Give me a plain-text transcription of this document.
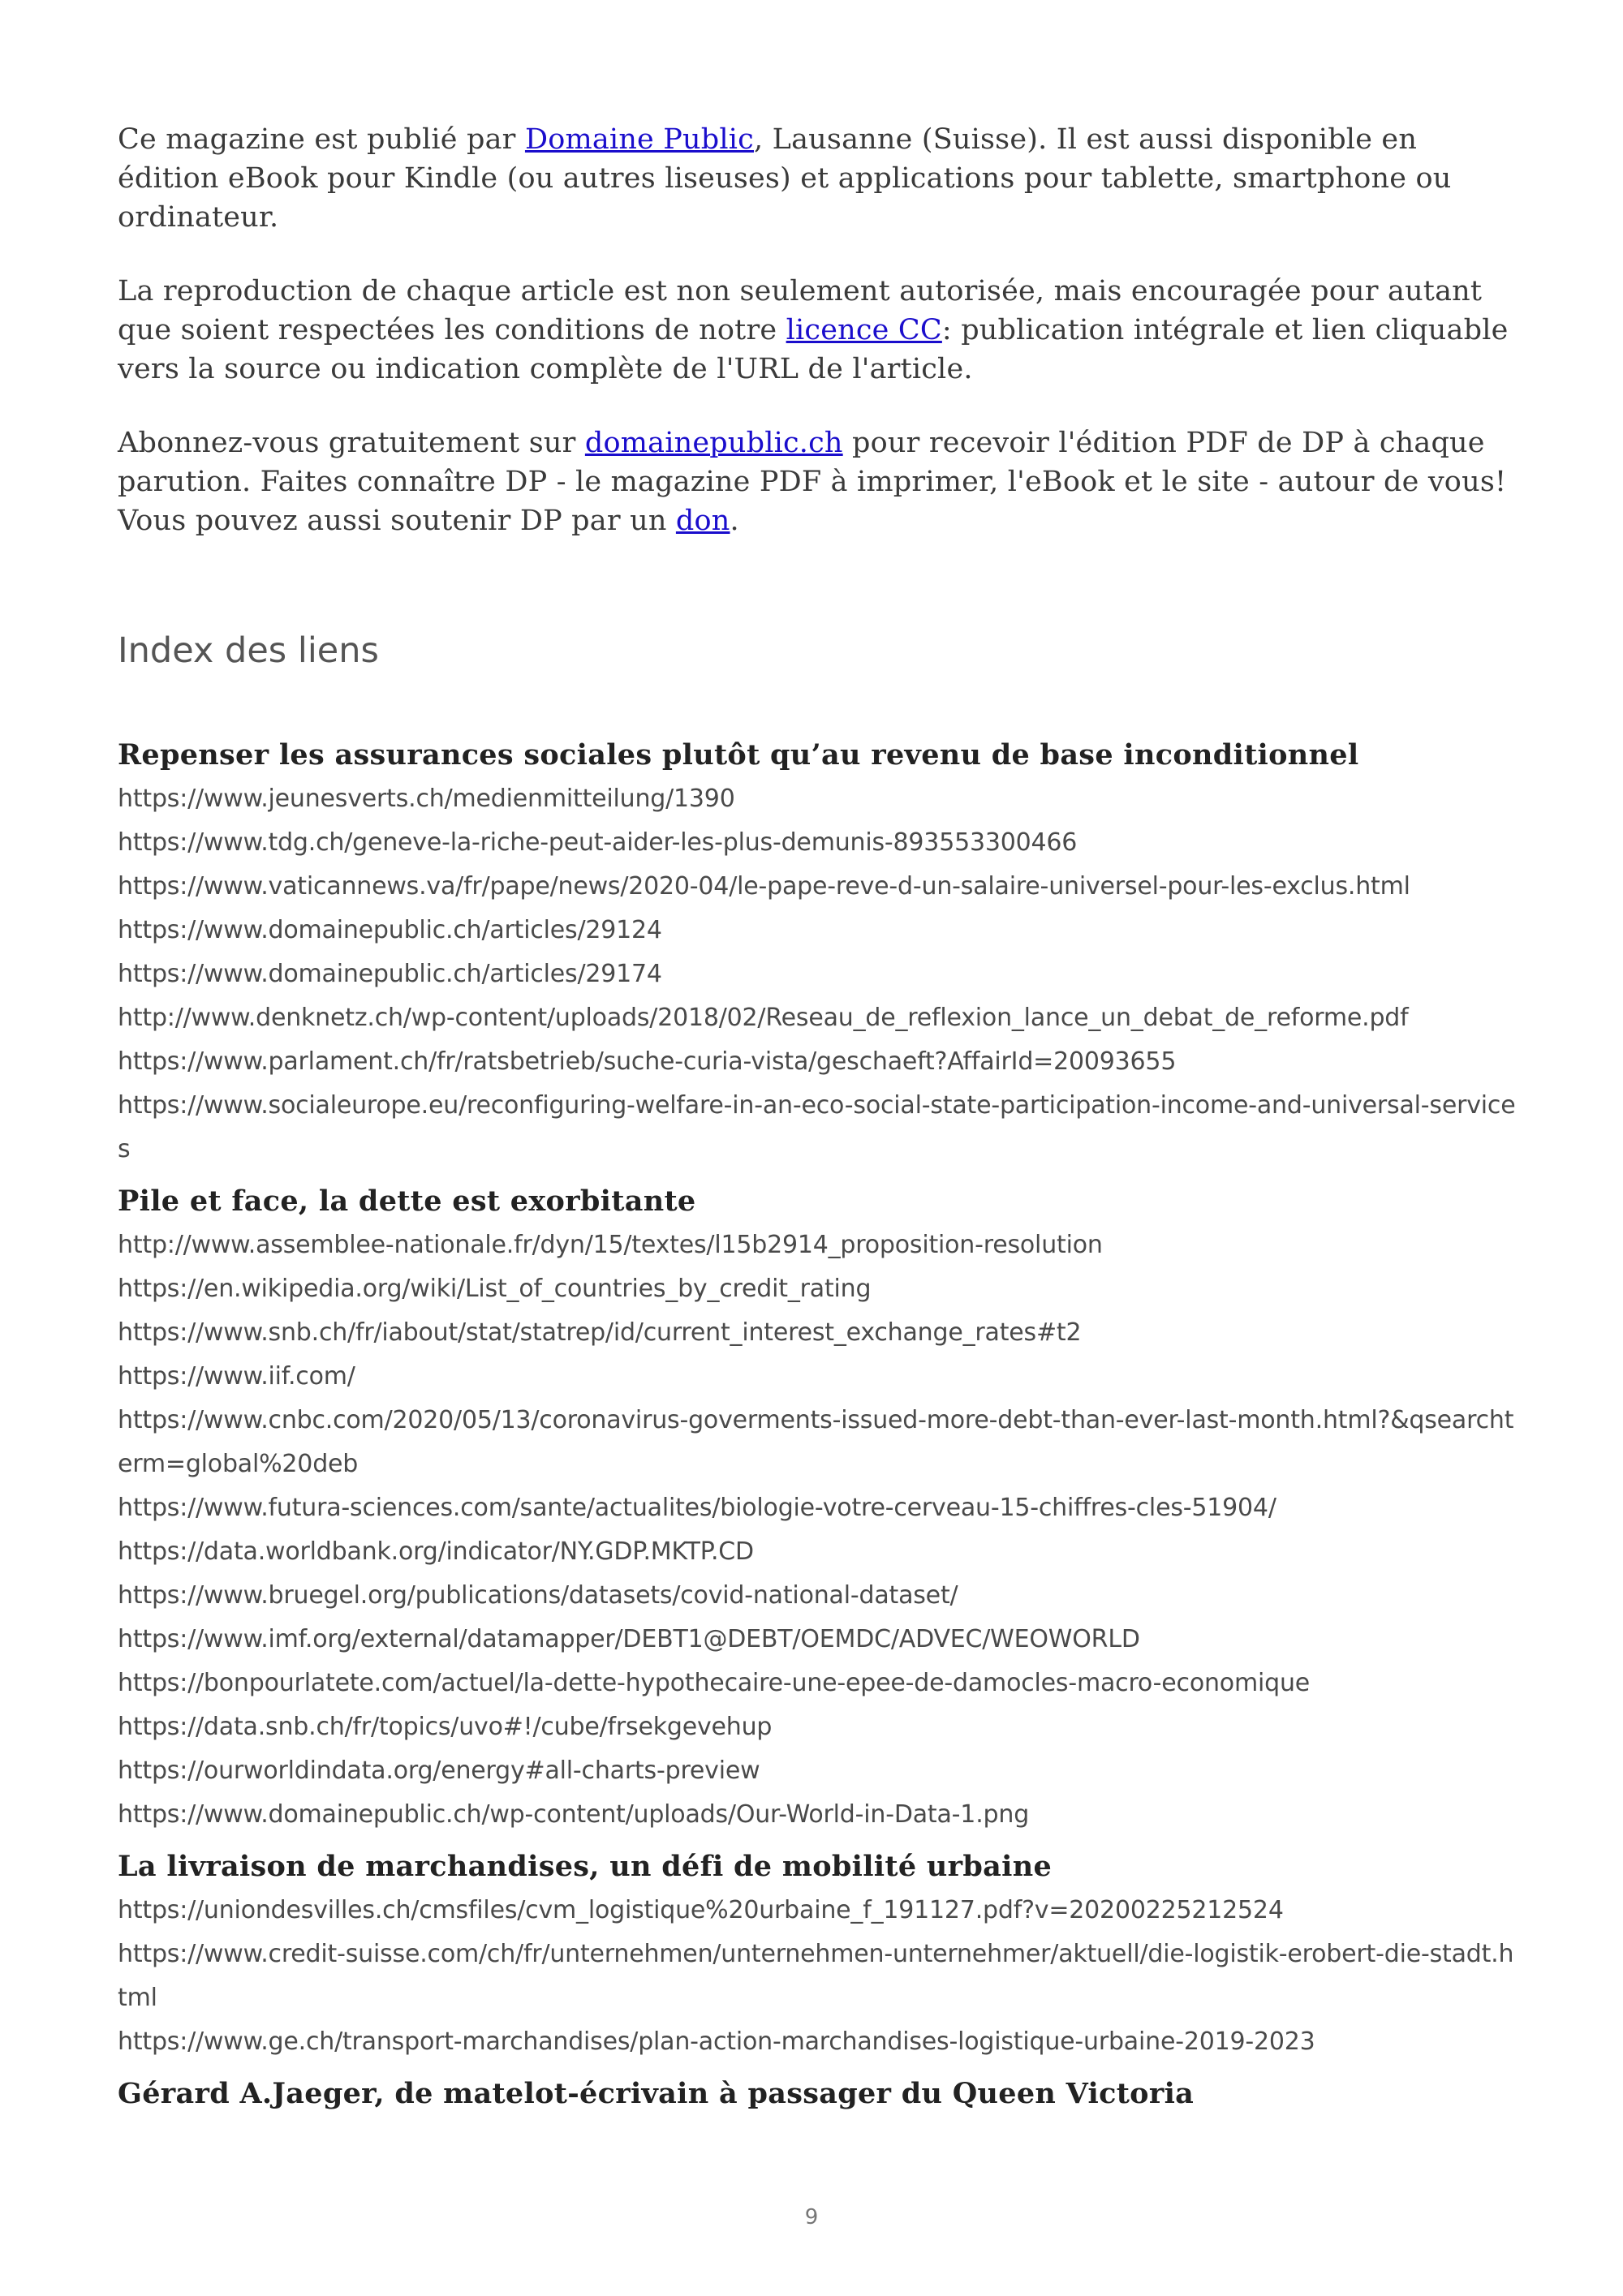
Ce magazine est publié par Domaine Public, Lausanne (Suisse). Il est aussi disponible en édition eBook pour Kindle (ou autres liseuses) et applications pour tablette, smartphone ou ordinateur.

La reproduction de chaque article est non seulement autorisée, mais encouragée pour autant que soient respectées les conditions de notre licence CC: publication intégrale et lien cliquable vers la source ou indication complète de l'URL de l'article.

Abonnez-vous gratuitement sur domainepublic.ch pour recevoir l'édition PDF de DP à chaque parution. Faites connaître DP - le magazine PDF à imprimer, l'eBook et le site - autour de vous! Vous pouvez aussi soutenir DP par un don.

Index des liens
Repenser les assurances sociales plutôt qu’au revenu de base inconditionnel
https://www.jeunesverts.ch/medienmitteilung/1390
https://www.tdg.ch/geneve-la-riche-peut-aider-les-plus-demunis-893553300466
https://www.vaticannews.va/fr/pape/news/2020-04/le-pape-reve-d-un-salaire-universel-pour-les-exclus.html
https://www.domainepublic.ch/articles/29124
https://www.domainepublic.ch/articles/29174
http://www.denknetz.ch/wp-content/uploads/2018/02/Reseau_de_reflexion_lance_un_debat_de_reforme.pdf
https://www.parlament.ch/fr/ratsbetrieb/suche-curia-vista/geschaeft?AffairId=20093655
https://www.socialeurope.eu/reconfiguring-welfare-in-an-eco-social-state-participation-income-and-universal-services
Pile et face, la dette est exorbitante
http://www.assemblee-nationale.fr/dyn/15/textes/l15b2914_proposition-resolution
https://en.wikipedia.org/wiki/List_of_countries_by_credit_rating
https://www.snb.ch/fr/iabout/stat/statrep/id/current_interest_exchange_rates#t2
https://www.iif.com/
https://www.cnbc.com/2020/05/13/coronavirus-goverments-issued-more-debt-than-ever-last-month.html?&qsearchterm=global%20deb
https://www.futura-sciences.com/sante/actualites/biologie-votre-cerveau-15-chiffres-cles-51904/
https://data.worldbank.org/indicator/NY.GDP.MKTP.CD
https://www.bruegel.org/publications/datasets/covid-national-dataset/
https://www.imf.org/external/datamapper/DEBT1@DEBT/OEMDC/ADVEC/WEOWORLD
https://bonpourlatete.com/actuel/la-dette-hypothecaire-une-epee-de-damocles-macro-economique
https://data.snb.ch/fr/topics/uvo#!/cube/frsekgevehup
https://ourworldindata.org/energy#all-charts-preview
https://www.domainepublic.ch/wp-content/uploads/Our-World-in-Data-1.png
La livraison de marchandises, un défi de mobilité urbaine
https://uniondesvilles.ch/cmsfiles/cvm_logistique%20urbaine_f_191127.pdf?v=20200225212524
https://www.credit-suisse.com/ch/fr/unternehmen/unternehmen-unternehmer/aktuell/die-logistik-erobert-die-stadt.html
https://www.ge.ch/transport-marchandises/plan-action-marchandises-logistique-urbaine-2019-2023
Gérard A.Jaeger, de matelot-écrivain à passager du Queen Victoria
9
